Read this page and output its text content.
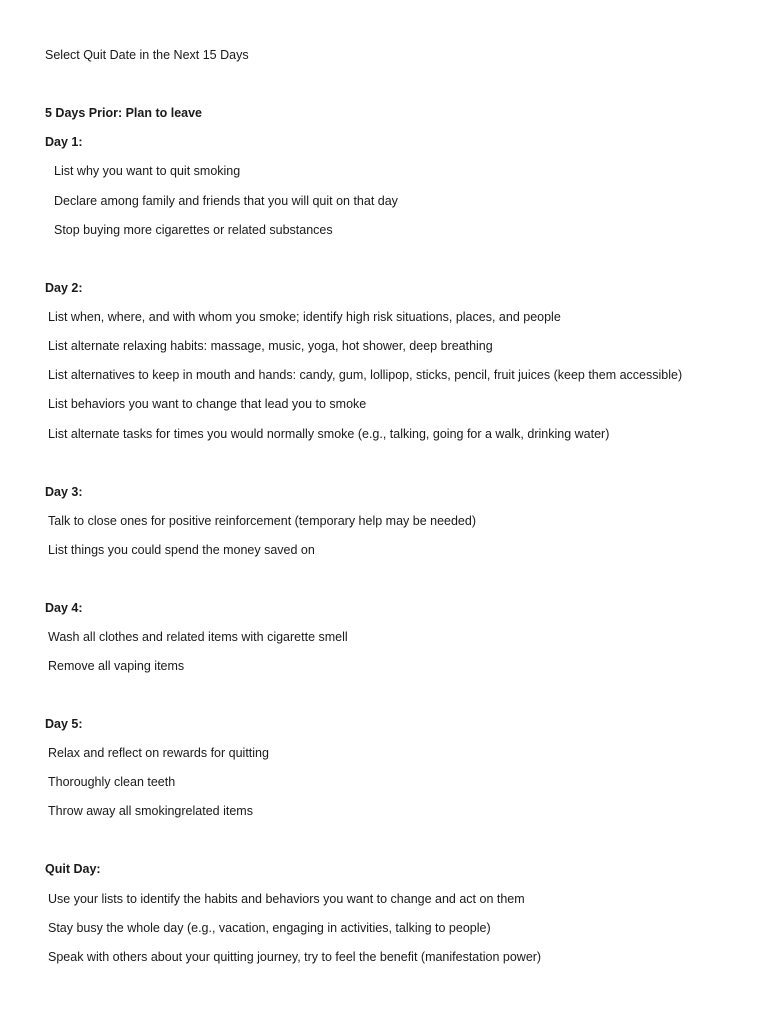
Select Quit Date in the Next 15 Days
5 Days Prior: Plan to leave
Day 1:
List why you want to quit smoking
Declare among family and friends that you will quit on that day
Stop buying more cigarettes or related substances
Day 2:
List when, where, and with whom you smoke; identify high risk situations, places, and people
List alternate relaxing habits: massage, music, yoga, hot shower, deep breathing
List alternatives to keep in mouth and hands: candy, gum, lollipop, sticks, pencil, fruit juices (keep them accessible)
List behaviors you want to change that lead you to smoke
List alternate tasks for times you would normally smoke (e.g., talking, going for a walk, drinking water)
Day 3:
Talk to close ones for positive reinforcement (temporary help may be needed)
List things you could spend the money saved on
Day 4:
Wash all clothes and related items with cigarette smell
Remove all vaping items
Day 5:
Relax and reflect on rewards for quitting
Thoroughly clean teeth
Throw away all smokingrelated items
Quit Day:
Use your lists to identify the habits and behaviors you want to change and act on them
Stay busy the whole day (e.g., vacation, engaging in activities, talking to people)
Speak with others about your quitting journey, try to feel the benefit (manifestation power)
